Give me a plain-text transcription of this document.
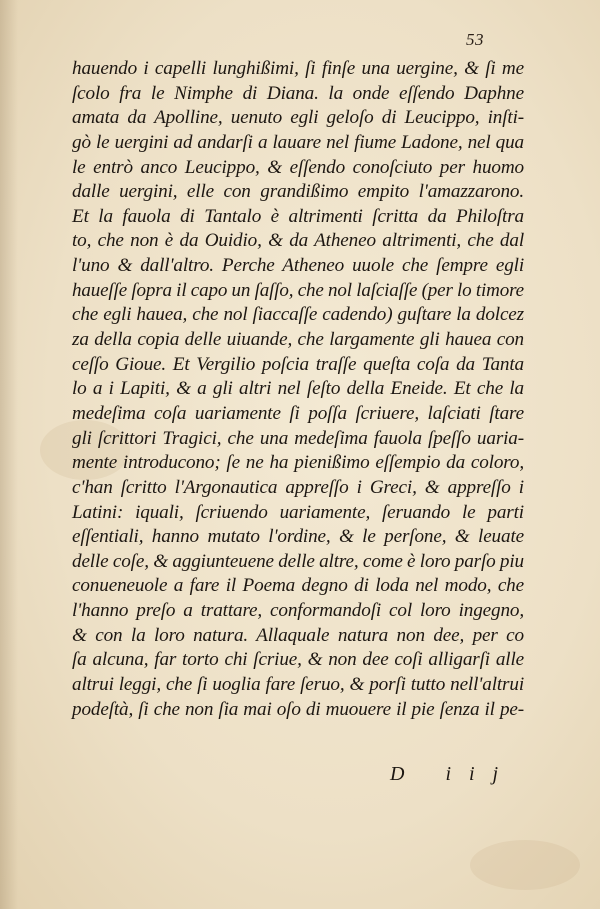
53
hauendo i capelli lunghißimi, ſi finſe una uergine, & ſi me
ſcolo fra le Nimphe di Diana. la onde eſſendo Daphne
amata da Apolline, uenuto egli geloſo di Leucippo, inſti-
gò le uergini ad andarſi a lauare nel fiume Ladone, nel qua
le entrò anco Leucippo, & eſſendo conoſciuto per huomo
dalle uergini, elle con grandißimo empito l'amazzarono.
Et la fauola di Tantalo è altrimenti ſcritta da Philoſtra
to, che non è da Ouidio, & da Atheneo altrimenti, che dal
l'uno & dall'altro. Perche Atheneo uuole che ſempre egli
haueſſe ſopra il capo un ſaſſo, che nol laſciaſſe (per lo timore
che egli hauea, che nol ſiaccaſſe cadendo) guſtare la dolcez
za della copia delle uiuande, che largamente gli hauea con
ceſſo Gioue. Et Vergilio poſcia traſſe queſta coſa da Tanta
lo a i Lapiti, & a gli altri nel ſeſto della Eneide. Et che la
medeſima coſa uariamente ſi poſſa ſcriuere, laſciati ſtare
gli ſcrittori Tragici, che una medeſima fauola ſpeſſo uaria-
mente introducono; ſe ne ha pienißimo eſſempio da coloro,
c'han ſcritto l'Argonautica appreſſo i Greci, & appreſſo i
Latini: iquali, ſcriuendo uariamente, ſeruando le parti
eſſentiali, hanno mutato l'ordine, & le perſone, & leuate
delle coſe, & aggiunteuene delle altre, come è loro parſo piu
conueneuole a fare il Poema degno di loda nel modo, che
l'hanno preſo a trattare, conformandoſi col loro ingegno,
& con la loro natura. Allaquale natura non dee, per co
ſa alcuna, far torto chi ſcriue, & non dee coſi alligarſi alle
altrui leggi, che ſi uoglia fare ſeruo, & porſi tutto nell'altrui
podeſtà, ſi che non ſia mai oſo di muouere il pie ſenza il pe-
D iij
